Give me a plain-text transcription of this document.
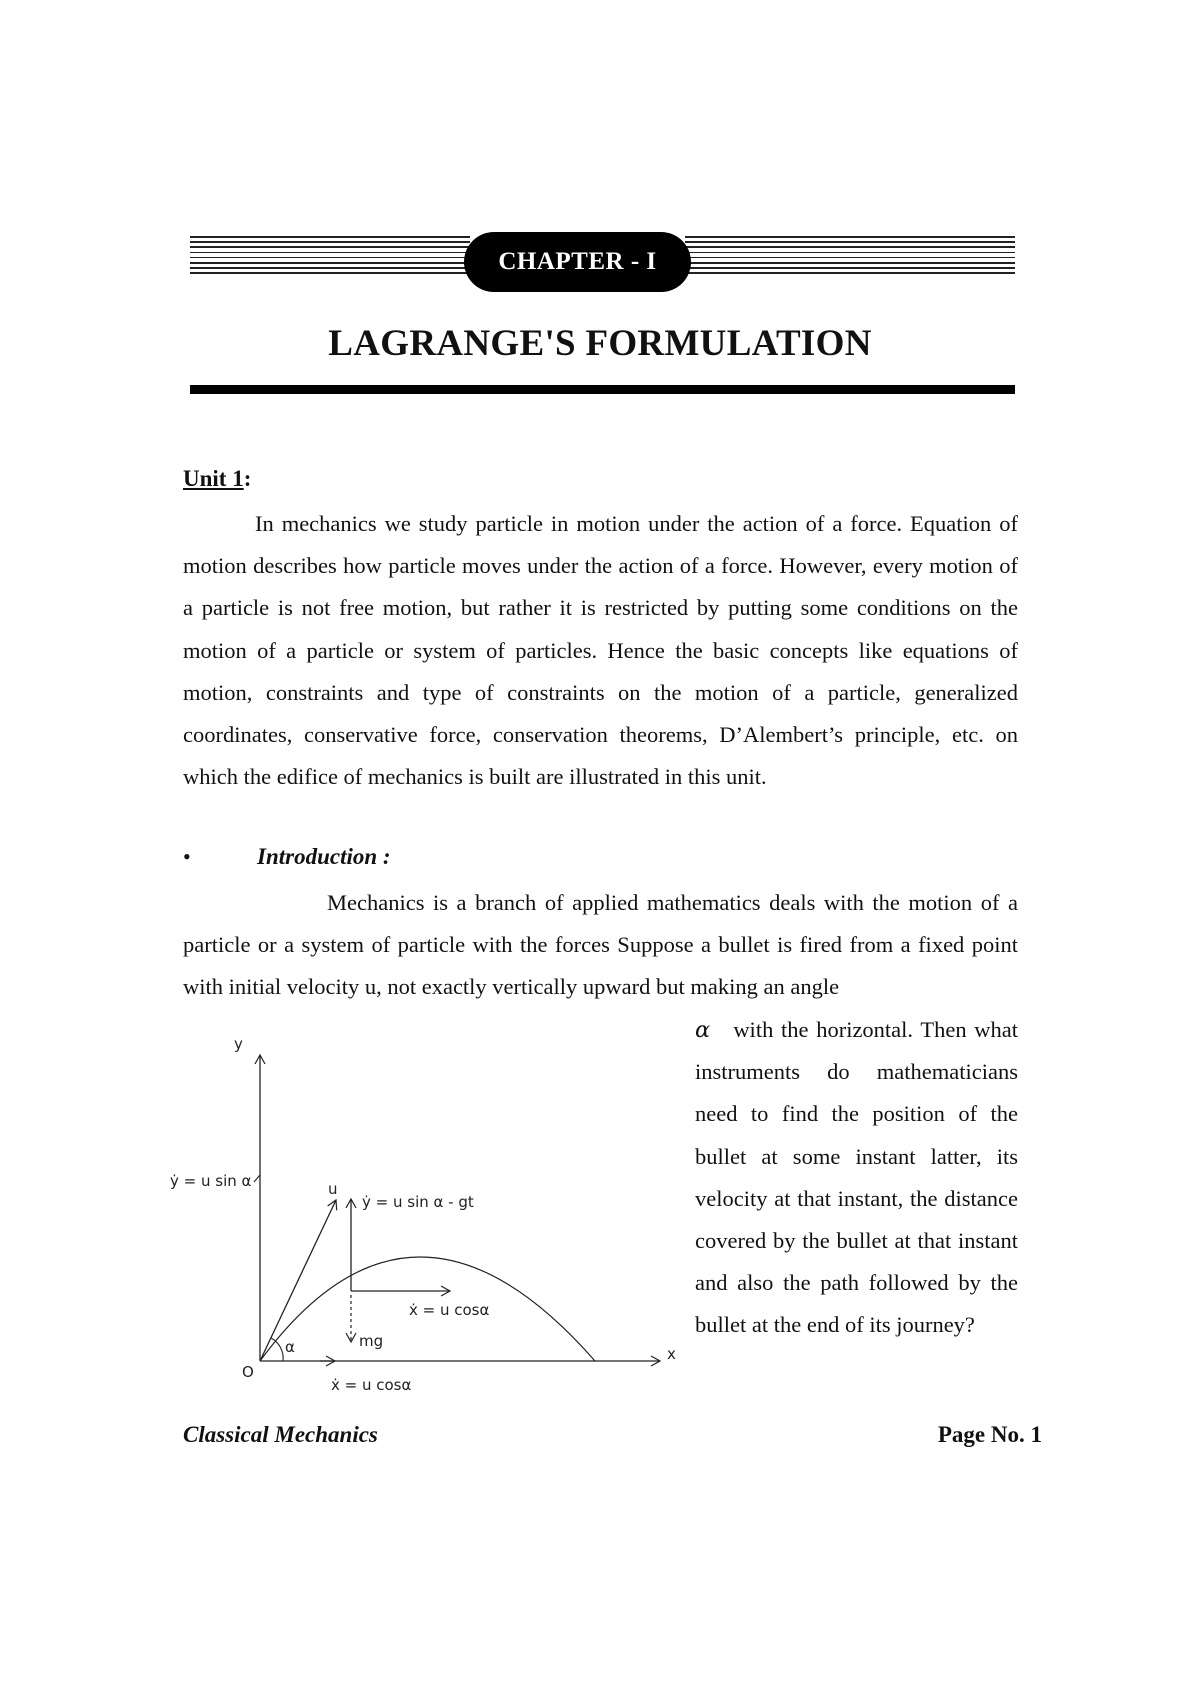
CHAPTER - I
LAGRANGE'S FORMULATION
Unit 1:
In mechanics we study particle in motion under the action of a force. Equation of motion describes how particle moves under the action of a force. However, every motion of a particle is not free motion, but rather it is restricted by putting some conditions on the motion of a particle or system of particles. Hence the basic concepts like equations of motion, constraints and type of constraints on the motion of a particle, generalized coordinates, conservative force, conservation theorems, D’Alembert’s principle, etc. on which the edifice of mechanics is built are illustrated in this unit.
•	Introduction :
Mechanics is a branch of applied mathematics deals with the motion of a particle or a system of particle with the forces Suppose a bullet is fired from a fixed point with initial velocity u, not exactly vertically upward but making an angle
α with the horizontal. Then what instruments do mathematicians need to find the position of the bullet at some instant latter, its velocity at that instant, the distance covered by the bullet at that instant and also the path followed by the bullet at the end of its journey?
y
x
O
ẏ = u sin α	u
ẏ = u sin α - gt
ẋ = u cosα
mg
α
ẋ = u cosα
Classical Mechanics	Page No. 1
